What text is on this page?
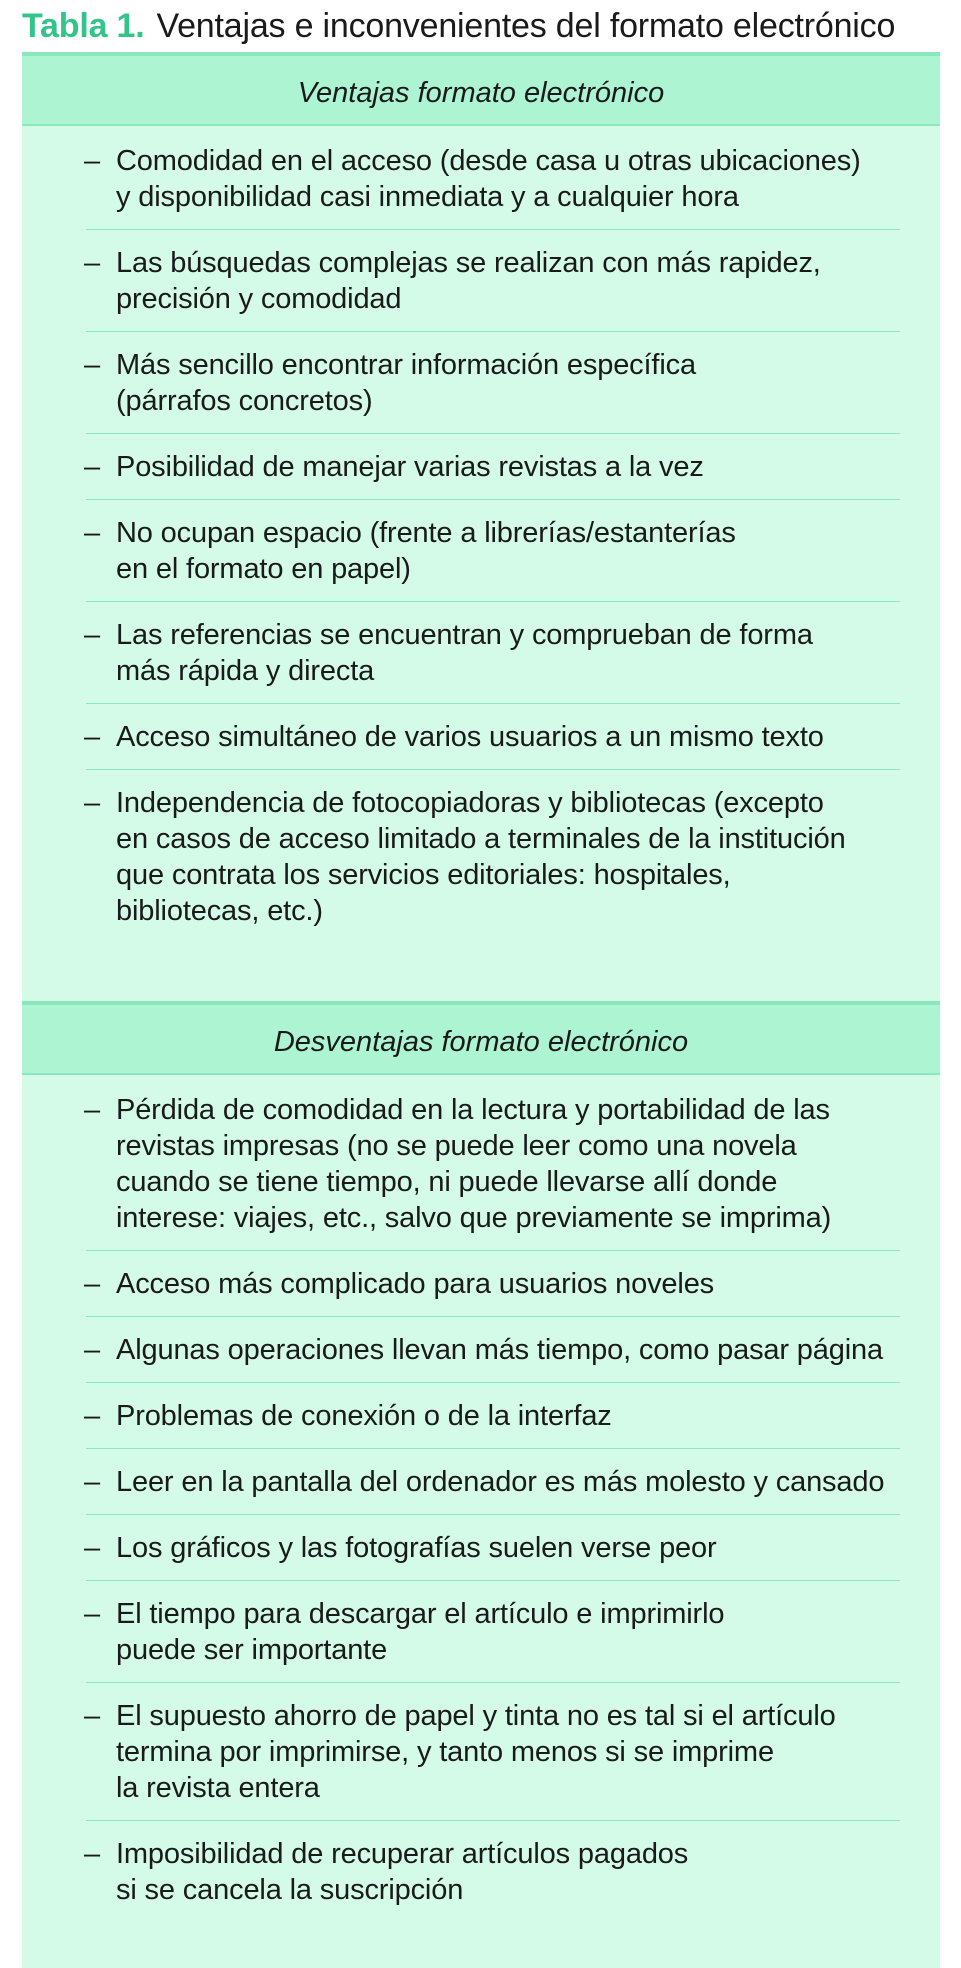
Tabla 1. Ventajas e inconvenientes del formato electrónico
Ventajas formato electrónico
– Comodidad en el acceso (desde casa u otras ubicaciones)
y disponibilidad casi inmediata y a cualquier hora
– Las búsquedas complejas se realizan con más rapidez,
precisión y comodidad
– Más sencillo encontrar información específica
(párrafos concretos)
– Posibilidad de manejar varias revistas a la vez
– No ocupan espacio (frente a librerías/estanterías
en el formato en papel)
– Las referencias se encuentran y comprueban de forma
más rápida y directa
– Acceso simultáneo de varios usuarios a un mismo texto
– Independencia de fotocopiadoras y bibliotecas (excepto
en casos de acceso limitado a terminales de la institución
que contrata los servicios editoriales: hospitales,
bibliotecas, etc.)
Desventajas formato electrónico
– Pérdida de comodidad en la lectura y portabilidad de las
revistas impresas (no se puede leer como una novela
cuando se tiene tiempo, ni puede llevarse allí donde
interese: viajes, etc., salvo que previamente se imprima)
– Acceso más complicado para usuarios noveles
– Algunas operaciones llevan más tiempo, como pasar página
– Problemas de conexión o de la interfaz
– Leer en la pantalla del ordenador es más molesto y cansado
– Los gráficos y las fotografías suelen verse peor
– El tiempo para descargar el artículo e imprimirlo
puede ser importante
– El supuesto ahorro de papel y tinta no es tal si el artículo
termina por imprimirse, y tanto menos si se imprime
la revista entera
– Imposibilidad de recuperar artículos pagados
si se cancela la suscripción
